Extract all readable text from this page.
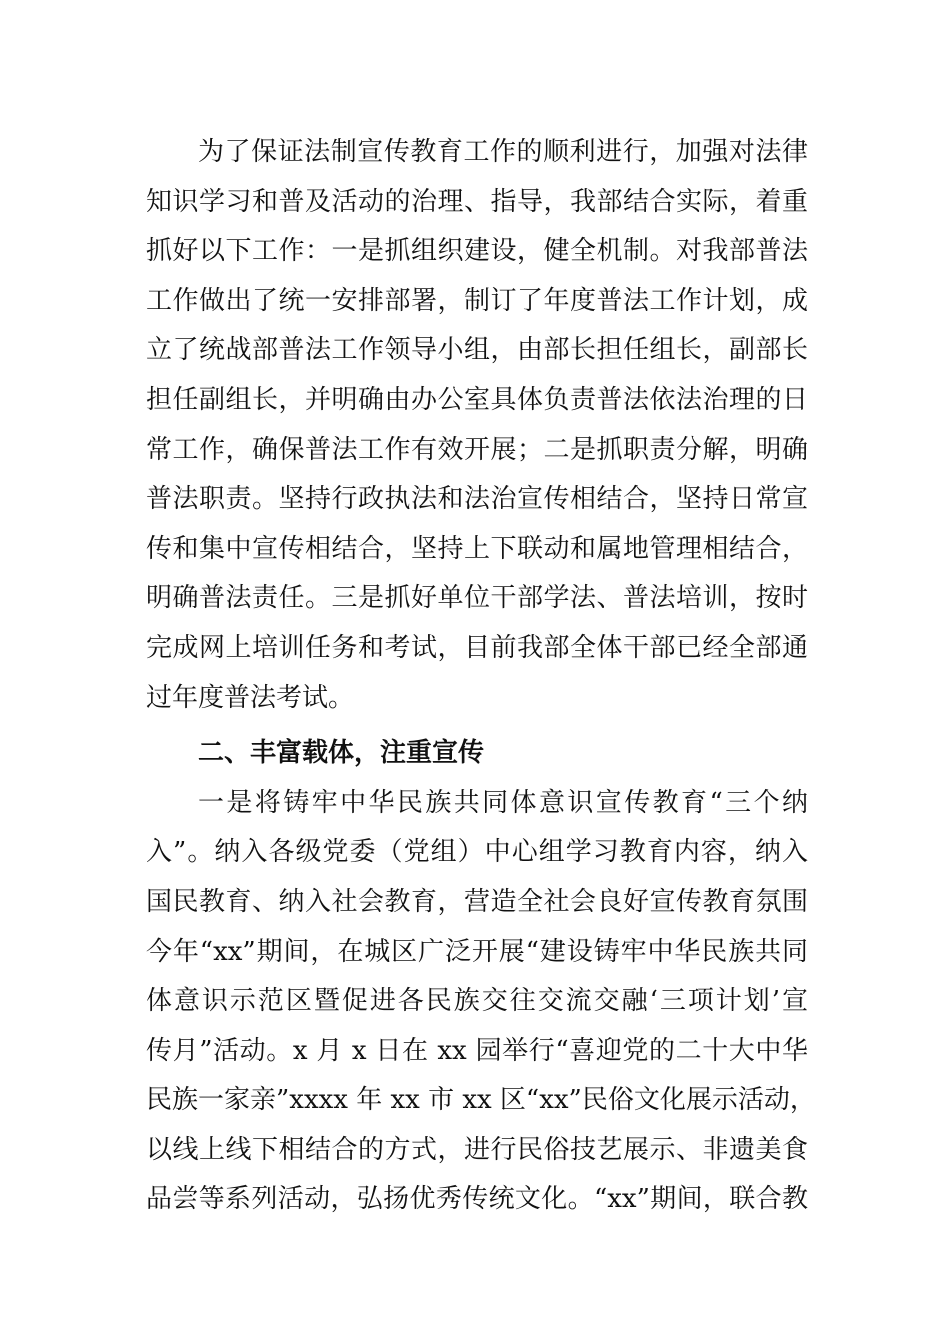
为了保证法制宣传教育工作的顺利进行，加强对法律
知识学习和普及活动的治理、指导，我部结合实际，着重
抓好以下工作：一是抓组织建设，健全机制。对我部普法
工作做出了统一安排部署，制订了年度普法工作计划，成
立了统战部普法工作领导小组，由部长担任组长，副部长
担任副组长，并明确由办公室具体负责普法依法治理的日
常工作，确保普法工作有效开展；二是抓职责分解，明确
普法职责。坚持行政执法和法治宣传相结合，坚持日常宣
传和集中宣传相结合，坚持上下联动和属地管理相结合，
明确普法责任。三是抓好单位干部学法、普法培训，按时
完成网上培训任务和考试，目前我部全体干部已经全部通
过年度普法考试。
二、丰富载体，注重宣传
一是将铸牢中华民族共同体意识宣传教育“三个纳
入”。纳入各级党委（党组）中心组学习教育内容，纳入
国民教育、纳入社会教育，营造全社会良好宣传教育氛围
今年“xx”期间，在城区广泛开展“建设铸牢中华民族共同
体意识示范区暨促进各民族交往交流交融‘三项计划’宣
传月”活动。x 月 x 日在 xx 园举行“喜迎党的二十大中华
民族一家亲”xxxx 年 xx 市 xx 区“xx”民俗文化展示活动，
以线上线下相结合的方式，进行民俗技艺展示、非遗美食
品尝等系列活动，弘扬优秀传统文化。“xx”期间，联合教
